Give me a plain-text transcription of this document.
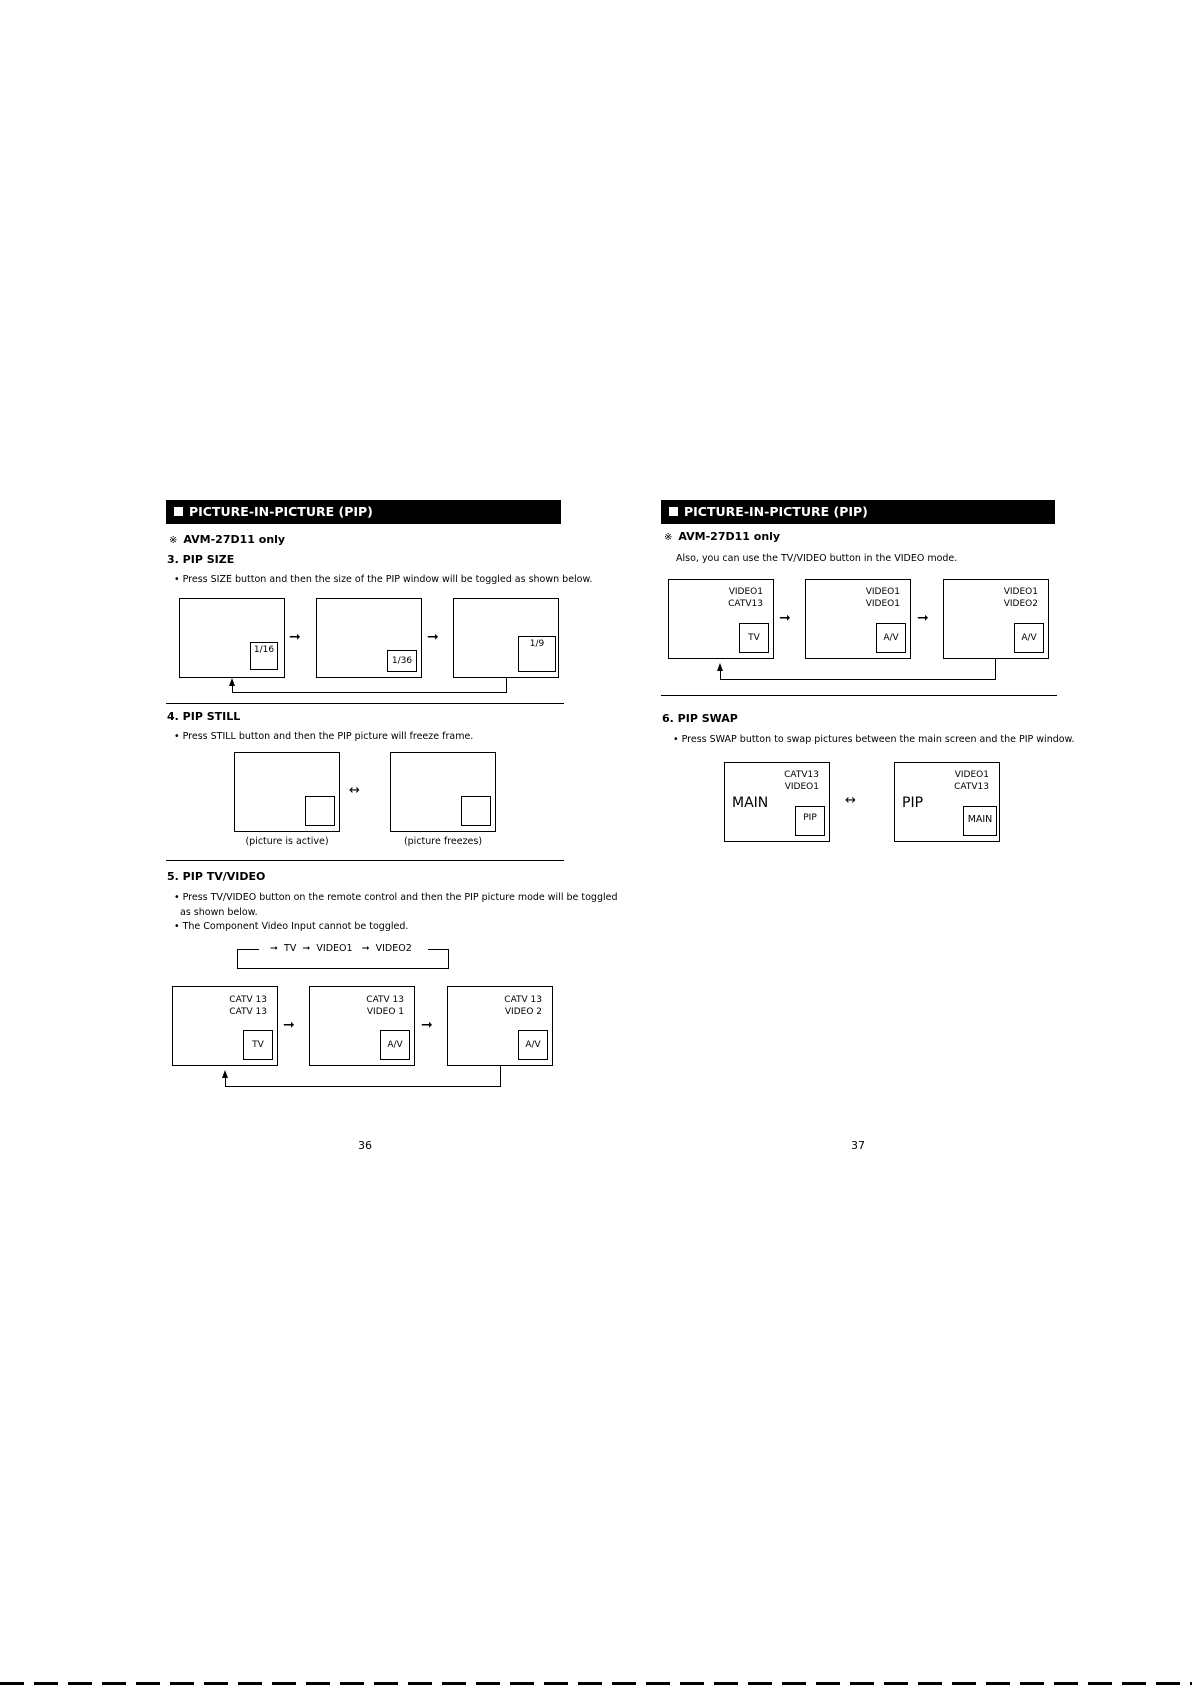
PICTURE-IN-PICTURE (PIP)
※ AVM-27D11 only
3. PIP SIZE
• Press SIZE button and then the size of the PIP window will be toggled as shown below.
1/16
➞
1/36
➞	1/9
4. PIP STILL
• Press STILL button and then the PIP picture will freeze frame.
↔
(picture is active)	(picture freezes)
5. PIP TV/VIDEO
• Press TV/VIDEO button on the remote control and then the PIP picture mode will be toggled
as shown below.
• The Component Video Input cannot be toggled.
➞ TV ➞ VIDEO1 ➞ VIDEO2
CATV 13
CATV 13
TV
➞
CATV 13
VIDEO 1
A/V
➞
CATV 13
VIDEO 2
A/V
36
PICTURE-IN-PICTURE (PIP)
※ AVM-27D11 only
Also, you can use the TV/VIDEO button in the VIDEO mode.
VIDEO1
CATV13
TV
➞
VIDEO1
VIDEO1
A/V
➞
VIDEO1
VIDEO2
A/V
6. PIP SWAP
• Press SWAP button to swap pictures between the main screen and the PIP window.
CATV13
VIDEO1
MAIN
PIP
↔
VIDEO1
CATV13
PIP
MAIN
37
